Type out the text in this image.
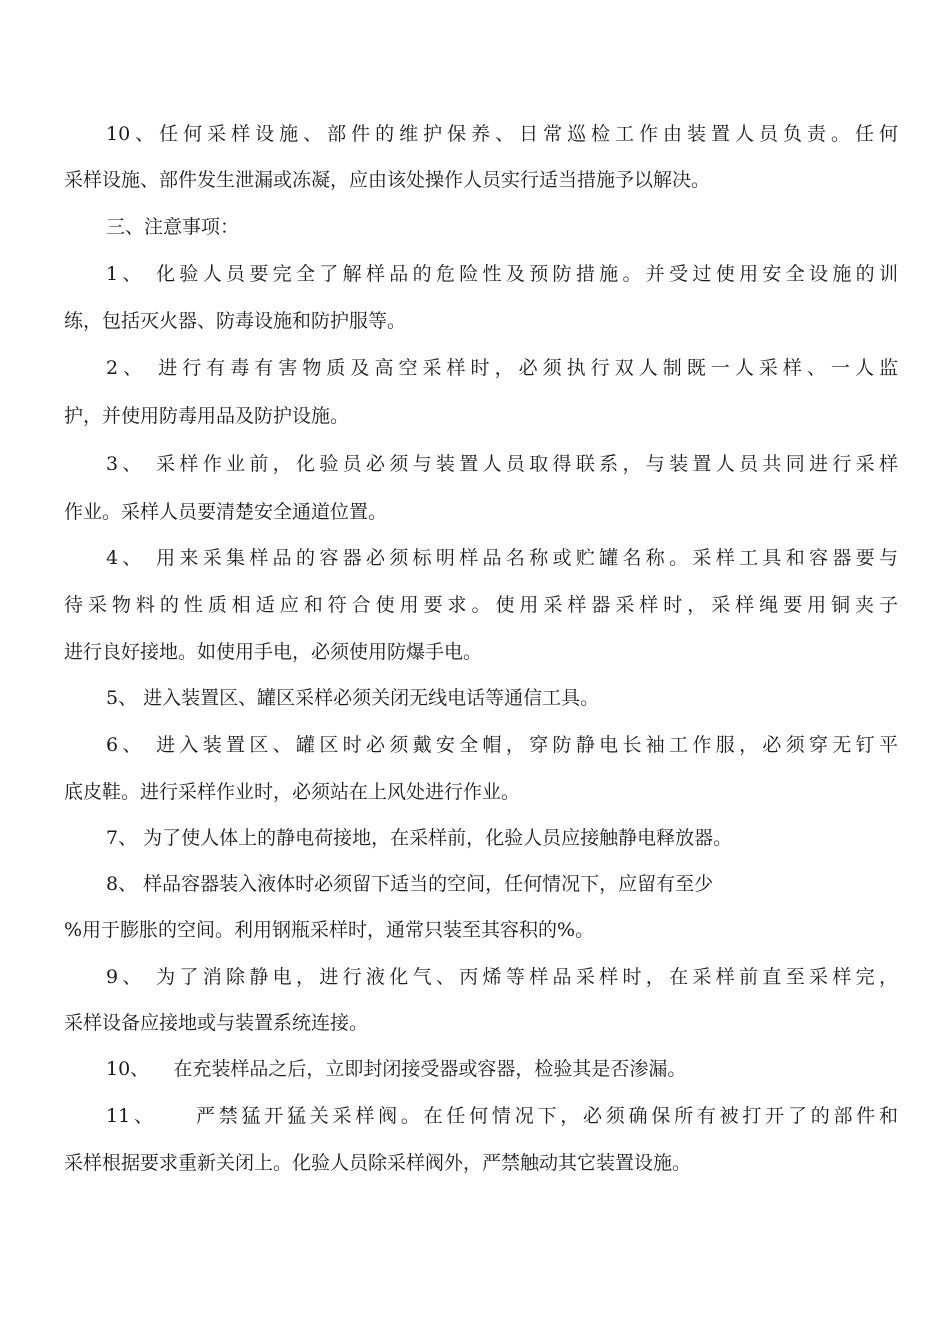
10、任何采样设施、部件的维护保养、日常巡检工作由装置人员负责。任何
采样设施、部件发生泄漏或冻凝，应由该处操作人员实行适当措施予以解决。
三、注意事项：
1、 化验人员要完全了解样品的危险性及预防措施。并受过使用安全设施的训
练，包括灭火器、防毒设施和防护服等。
2、 进行有毒有害物质及高空采样时，必须执行双人制既一人采样、一人监
护，并使用防毒用品及防护设施。
3、 采样作业前，化验员必须与装置人员取得联系，与装置人员共同进行采样
作业。采样人员要清楚安全通道位置。
4、 用来采集样品的容器必须标明样品名称或贮罐名称。采样工具和容器要与
待采物料的性质相适应和符合使用要求。使用采样器采样时，采样绳要用铜夹子
进行良好接地。如使用手电，必须使用防爆手电。
5、 进入装置区、罐区采样必须关闭无线电话等通信工具。
6、 进入装置区、罐区时必须戴安全帽，穿防静电长袖工作服，必须穿无钉平
底皮鞋。进行采样作业时，必须站在上风处进行作业。
7、 为了使人体上的静电荷接地，在采样前，化验人员应接触静电释放器。
8、 样品容器装入液体时必须留下适当的空间，任何情况下，应留有至少
%用于膨胀的空间。利用钢瓶采样时，通常只装至其容积的%。
9、 为了消除静电，进行液化气、丙烯等样品采样时，在采样前直至采样完，
采样设备应接地或与装置系统连接。
10、    在充装样品之后，立即封闭接受器或容器，检验其是否渗漏。
11、    严禁猛开猛关采样阀。在任何情况下，必须确保所有被打开了的部件和
采样根据要求重新关闭上。化验人员除采样阀外，严禁触动其它装置设施。
